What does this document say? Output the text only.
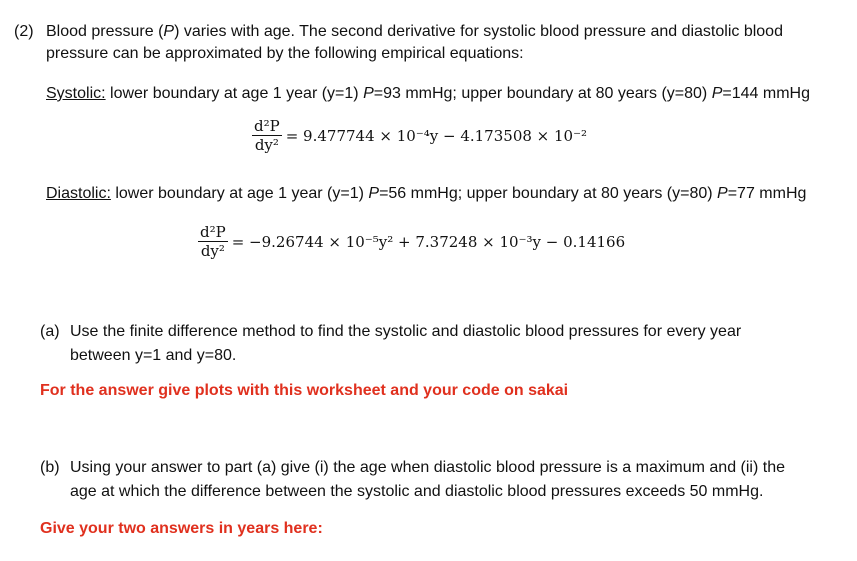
(2) Blood pressure (P) varies with age. The second derivative for systolic blood pressure and diastolic blood
pressure can be approximated by the following empirical equations:
Systolic: lower boundary at age 1 year (y=1) P=93 mmHg; upper boundary at 80 years (y=80) P=144 mmHg
$\frac{\text{d²P}}{\text{dy²}} = 9.477744 \times 10^{-4}y - 4.173508 \times 10^{-2}$
Diastolic: lower boundary at age 1 year (y=1) P=56 mmHg; upper boundary at 80 years (y=80) P=77 mmHg
$\frac{\text{d²P}}{\text{dy²}} = -9.26744 \times 10^{-5}y^2 + 7.37248 \times 10^{-3}y - 0.14166$
(a) Use the finite difference method to find the systolic and diastolic blood pressures for every year
between y=1 and y=80.
For the answer give plots with this worksheet and your code on sakai
(b) Using your answer to part (a) give (i) the age when diastolic blood pressure is a maximum and (ii) the
age at which the difference between the systolic and diastolic blood pressures exceeds 50 mmHg.
Give your two answers in years here:
